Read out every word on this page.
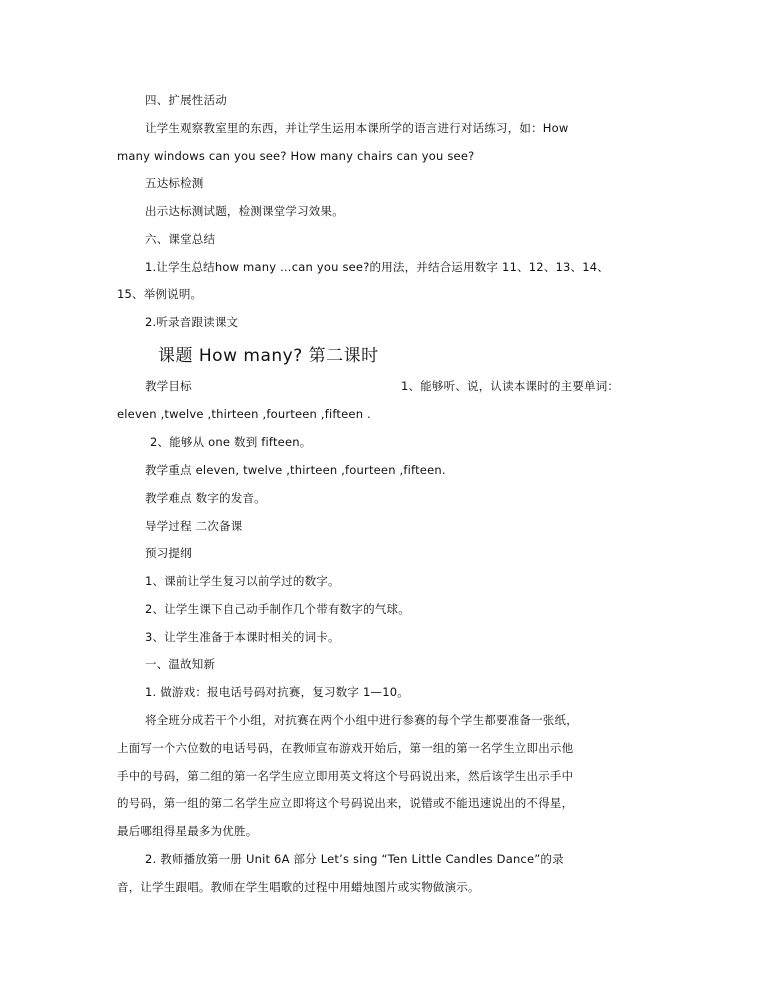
四、扩展性活动
让学生观察教室里的东西，并让学生运用本课所学的语言进行对话练习，如：How
many windows can you see? How many chairs can you see?
五达标检测
出示达标测试题，检测课堂学习效果。
六、课堂总结
1.让学生总结how many …can you see?的用法，并结合运用数字 11、12、13、14、
15、举例说明。
2.听录音跟读课文
课题 How many? 第二课时
教学目标	1、能够听、说，认读本课时的主要单词：
eleven ,twelve ,thirteen ,fourteen ,fifteen .
2、能够从 one 数到 fifteen。
教学重点 eleven, twelve ,thirteen ,fourteen ,fifteen.
教学难点 数字的发音。
导学过程 二次备课
预习提纲
1、课前让学生复习以前学过的数字。
2、让学生课下自己动手制作几个带有数字的气球。
3、让学生准备于本课时相关的词卡。
一、温故知新
1. 做游戏：报电话号码对抗赛，复习数字 1—10。
将全班分成若干个小组，对抗赛在两个小组中进行参赛的每个学生都要准备一张纸，
上面写一个六位数的电话号码，在教师宣布游戏开始后，第一组的第一名学生立即出示他
手中的号码，第二组的第一名学生应立即用英文将这个号码说出来，然后该学生出示手中
的号码，第一组的第二名学生应立即将这个号码说出来，说错或不能迅速说出的不得星，
最后哪组得星最多为优胜。
2. 教师播放第一册 Unit 6A 部分 Let’s sing “Ten Little Candles Dance”的录
音，让学生跟唱。教师在学生唱歌的过程中用蜡烛图片或实物做演示。
